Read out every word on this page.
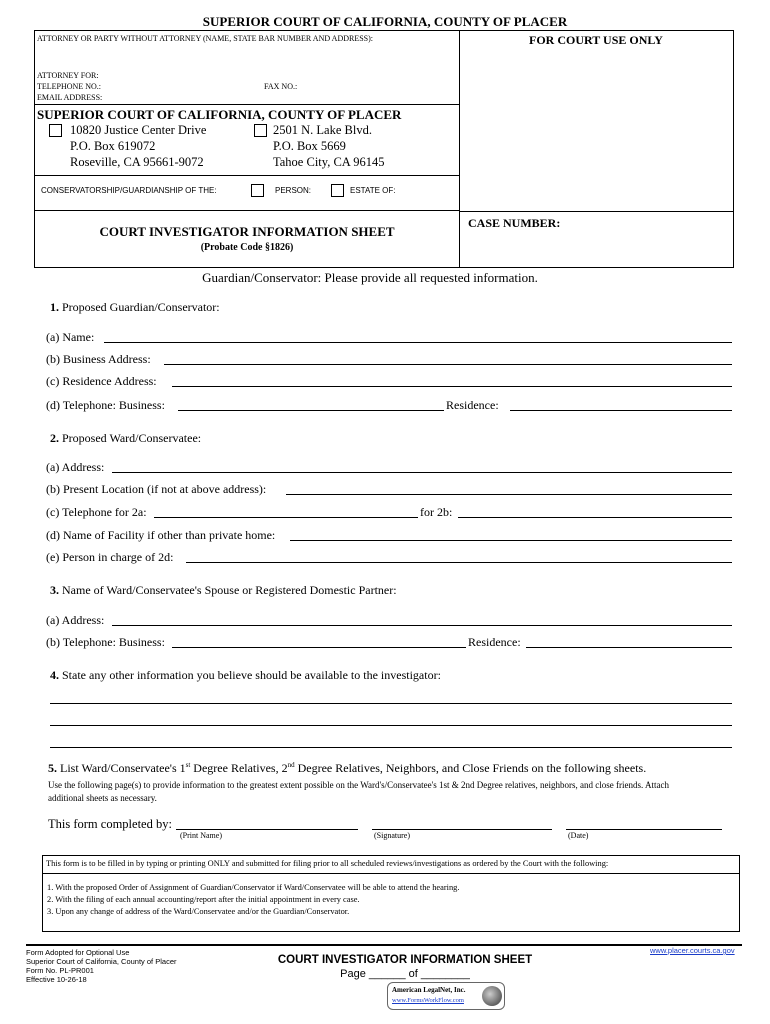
SUPERIOR COURT OF CALIFORNIA, COUNTY OF PLACER
ATTORNEY OR PARTY WITHOUT ATTORNEY (NAME, STATE BAR NUMBER AND ADDRESS):
ATTORNEY FOR:
TELEPHONE NO.:	FAX NO.:
EMAIL ADDRESS:
SUPERIOR COURT OF CALIFORNIA, COUNTY OF PLACER
10820 Justice Center Drive
P.O. Box 619072
Roseville, CA 95661-9072
2501 N. Lake Blvd.
P.O. Box 5669
Tahoe City, CA 96145
CONSERVATORSHIP/GUARDIANSHIP OF THE:	PERSON:	ESTATE OF:
COURT INVESTIGATOR INFORMATION SHEET
(Probate Code §1826)
FOR COURT USE ONLY
CASE NUMBER:
Guardian/Conservator: Please provide all requested information.
1. Proposed Guardian/Conservator:
(a) Name:
(b) Business Address:
(c) Residence Address:
(d) Telephone: Business:	Residence:
2. Proposed Ward/Conservatee:
(a) Address:
(b) Present Location (if not at above address):
(c) Telephone for 2a:	for 2b:
(d) Name of Facility if other than private home:
(e) Person in charge of 2d:
3. Name of Ward/Conservatee's Spouse or Registered Domestic Partner:
(a) Address:
(b) Telephone: Business:	Residence:
4. State any other information you believe should be available to the investigator:
5. List Ward/Conservatee's 1st Degree Relatives, 2nd Degree Relatives, Neighbors, and Close Friends on the following sheets.
Use the following page(s) to provide information to the greatest extent possible on the Ward's/Conservatee's 1st & 2nd Degree relatives, neighbors, and close friends. Attach additional sheets as necessary.
This form completed by:
(Print Name)	(Signature)	(Date)
This form is to be filled in by typing or printing ONLY and submitted for filing prior to all scheduled reviews/investigations as ordered by the Court with the following:
1. With the proposed Order of Assignment of Guardian/Conservator if Ward/Conservatee will be able to attend the hearing.
2. With the filing of each annual accounting/report after the initial appointment in every case.
3. Upon any change of address of the Ward/Conservatee and/or the Guardian/Conservator.
Form Adopted for Optional Use
Superior Court of California, County of Placer
Form No. PL-PR001
Effective 10-26-18
COURT INVESTIGATOR INFORMATION SHEET
Page ______ of ________
www.placer.courts.ca.gov
American LegalNet, Inc.
www.FormsWorkFlow.com
